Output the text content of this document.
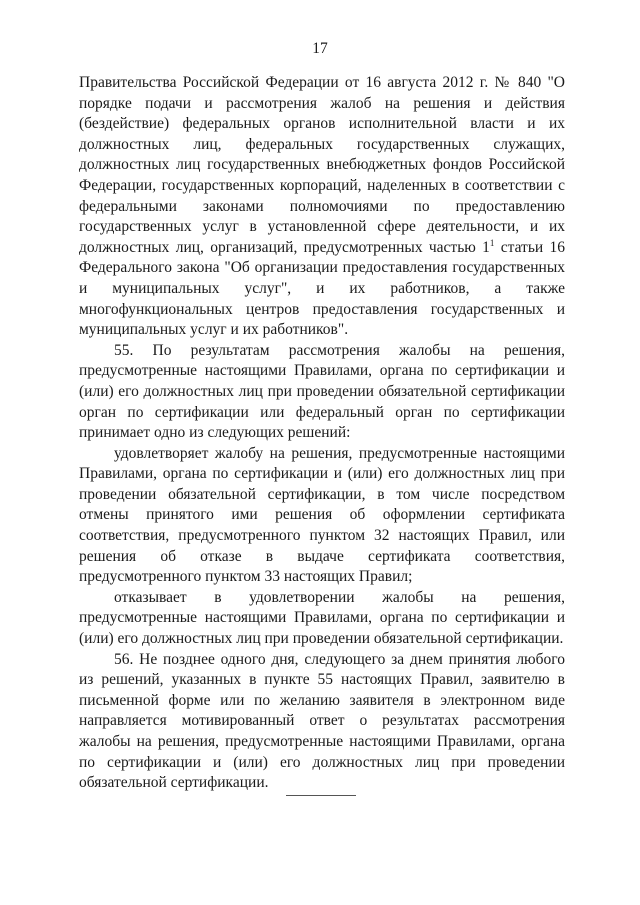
17

Правительства Российской Федерации от 16 августа 2012 г. № 840 "О порядке подачи и рассмотрения жалоб на решения и действия (бездействие) федеральных органов исполнительной власти и их должностных лиц, федеральных государственных служащих, должностных лиц государственных внебюджетных фондов Российской Федерации, государственных корпораций, наделенных в соответствии с федеральными законами полномочиями по предоставлению государственных услуг в установленной сфере деятельности, и их должностных лиц, организаций, предусмотренных частью 1$^1$ статьи 16 Федерального закона "Об организации предоставления государственных и муниципальных услуг", и их работников, а также многофункциональных центров предоставления государственных и муниципальных услуг и их работников".

55. По результатам рассмотрения жалобы на решения, предусмотренные настоящими Правилами, органа по сертификации и (или) его должностных лиц при проведении обязательной сертификации орган по сертификации или федеральный орган по сертификации принимает одно из следующих решений:

удовлетворяет жалобу на решения, предусмотренные настоящими Правилами, органа по сертификации и (или) его должностных лиц при проведении обязательной сертификации, в том числе посредством отмены принятого ими решения об оформлении сертификата соответствия, предусмотренного пунктом 32 настоящих Правил, или решения об отказе в выдаче сертификата соответствия, предусмотренного пунктом 33 настоящих Правил;

отказывает в удовлетворении жалобы на решения, предусмотренные настоящими Правилами, органа по сертификации и (или) его должностных лиц при проведении обязательной сертификации.

56. Не позднее одного дня, следующего за днем принятия любого из решений, указанных в пункте 55 настоящих Правил, заявителю в письменной форме или по желанию заявителя в электронном виде направляется мотивированный ответ о результатах рассмотрения жалобы на решения, предусмотренные настоящими Правилами, органа по сертификации и (или) его должностных лиц при проведении обязательной сертификации.
